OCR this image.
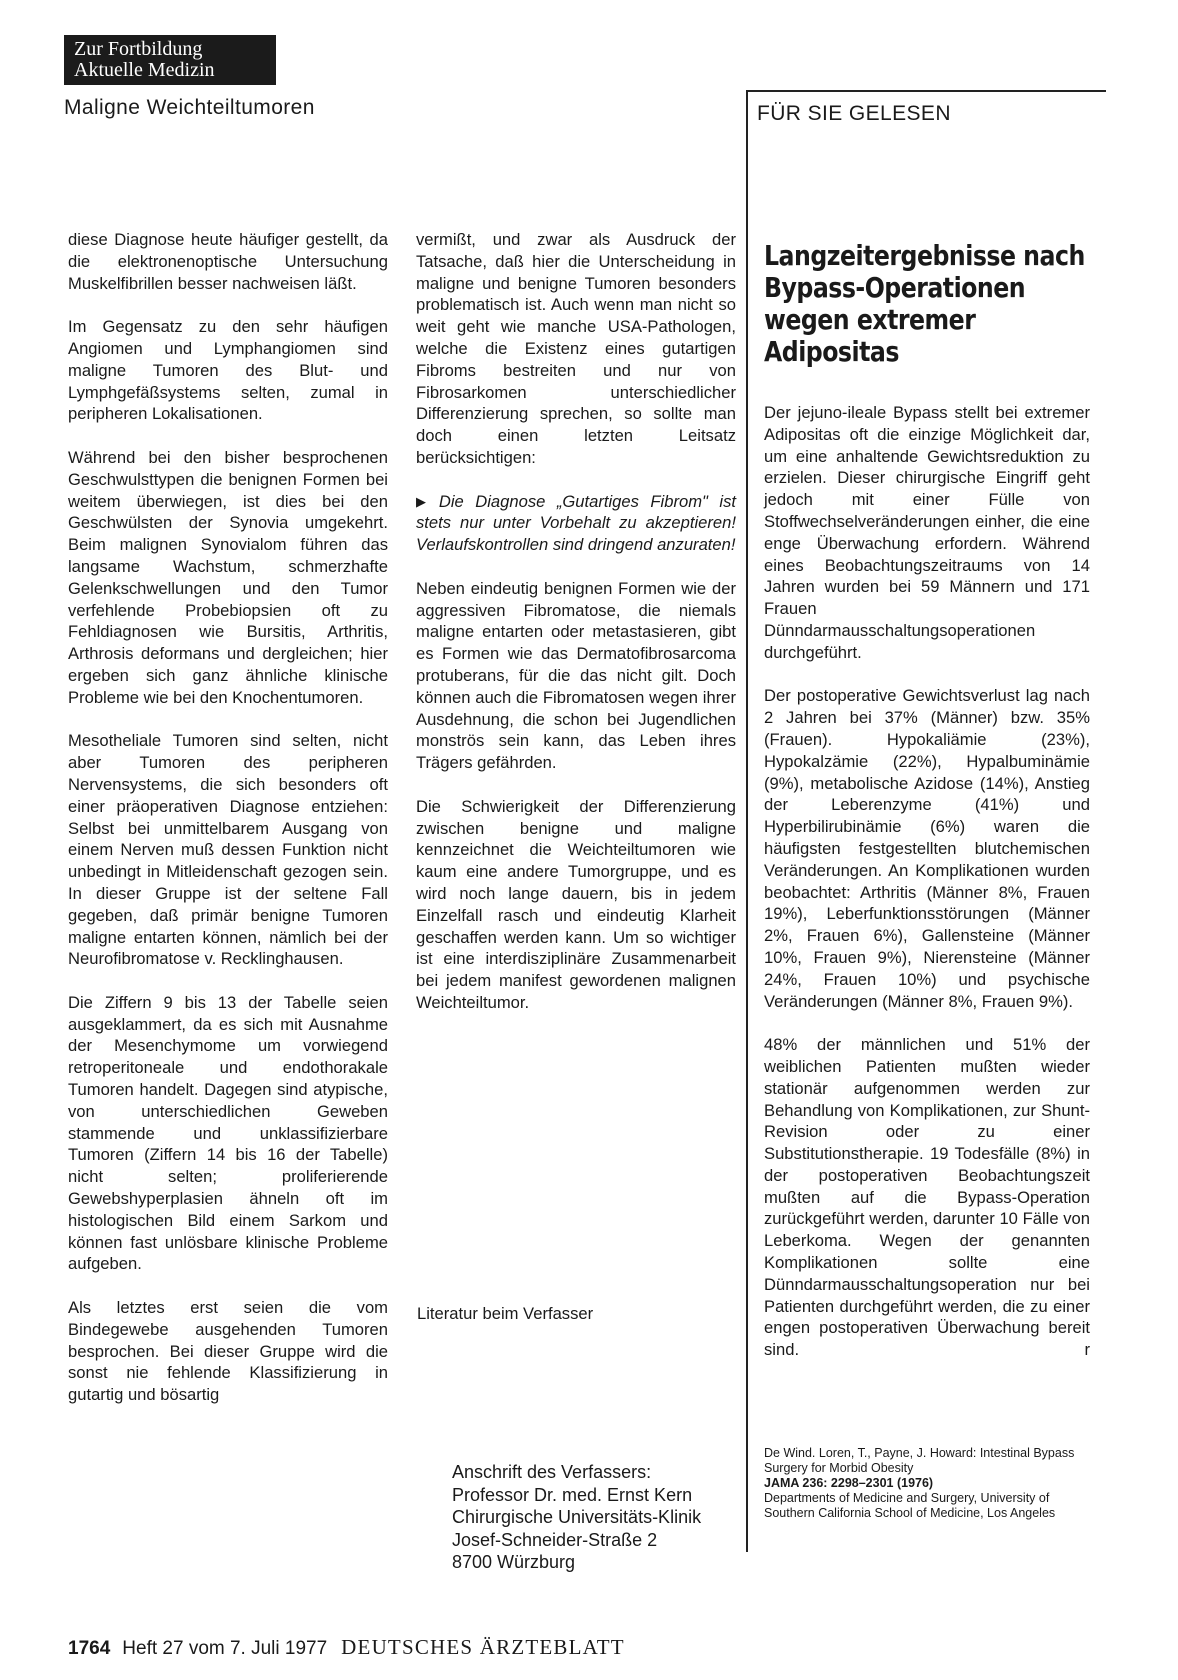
Zur Fortbildung
Aktuelle Medizin
Maligne Weichteiltumoren	FÜR SIE GELESEN

diese Diagnose heute häufiger gestellt, da die elektronenoptische Untersuchung Muskelfibrillen besser nachweisen läßt.

Im Gegensatz zu den sehr häufigen Angiomen und Lymphangiomen sind maligne Tumoren des Blut- und Lymphgefäßsystems selten, zumal in peripheren Lokalisationen.

Während bei den bisher besprochenen Geschwulsttypen die benignen Formen bei weitem überwiegen, ist dies bei den Geschwülsten der Synovia umgekehrt. Beim malignen Synovialom führen das langsame Wachstum, schmerzhafte Gelenkschwellungen und den Tumor verfehlende Probebiopsien oft zu Fehldiagnosen wie Bursitis, Arthritis, Arthrosis deformans und dergleichen; hier ergeben sich ganz ähnliche klinische Probleme wie bei den Knochentumoren.

Mesotheliale Tumoren sind selten, nicht aber Tumoren des peripheren Nervensystems, die sich besonders oft einer präoperativen Diagnose entziehen: Selbst bei unmittelbarem Ausgang von einem Nerven muß dessen Funktion nicht unbedingt in Mitleidenschaft gezogen sein. In dieser Gruppe ist der seltene Fall gegeben, daß primär benigne Tumoren maligne entarten können, nämlich bei der Neurofibromatose v. Recklinghausen.

Die Ziffern 9 bis 13 der Tabelle seien ausgeklammert, da es sich mit Ausnahme der Mesenchymome um vorwiegend retroperitoneale und endothorakale Tumoren handelt. Dagegen sind atypische, von unterschiedlichen Geweben stammende und unklassifizierbare Tumoren (Ziffern 14 bis 16 der Tabelle) nicht selten; proliferierende Gewebshyperplasien ähneln oft im histologischen Bild einem Sarkom und können fast unlösbare klinische Probleme aufgeben.

Als letztes erst seien die vom Bindegewebe ausgehenden Tumoren besprochen. Bei dieser Gruppe wird die sonst nie fehlende Klassifizierung in gutartig und bösartig

vermißt, und zwar als Ausdruck der Tatsache, daß hier die Unterscheidung in maligne und benigne Tumoren besonders problematisch ist. Auch wenn man nicht so weit geht wie manche USA-Pathologen, welche die Existenz eines gutartigen Fibroms bestreiten und nur von Fibrosarkomen unterschiedlicher Differenzierung sprechen, so sollte man doch einen letzten Leitsatz berücksichtigen:

▶ Die Diagnose „Gutartiges Fibrom" ist stets nur unter Vorbehalt zu akzeptieren! Verlaufskontrollen sind dringend anzuraten!

Neben eindeutig benignen Formen wie der aggressiven Fibromatose, die niemals maligne entarten oder metastasieren, gibt es Formen wie das Dermatofibrosarcoma protuberans, für die das nicht gilt. Doch können auch die Fibromatosen wegen ihrer Ausdehnung, die schon bei Jugendlichen monströs sein kann, das Leben ihres Trägers gefährden.

Die Schwierigkeit der Differenzierung zwischen benigne und maligne kennzeichnet die Weichteiltumoren wie kaum eine andere Tumorgruppe, und es wird noch lange dauern, bis in jedem Einzelfall rasch und eindeutig Klarheit geschaffen werden kann. Um so wichtiger ist eine interdisziplinäre Zusammenarbeit bei jedem manifest gewordenen malignen Weichteiltumor.

Literatur beim Verfasser
Anschrift des Verfassers:
Professor Dr. med. Ernst Kern
Chirurgische Universitäts-Klinik
Josef-Schneider-Straße 2
8700 Würzburg
Langzeitergebnisse nach
Bypass-Operationen
wegen extremer
Adipositas

Der jejuno-ileale Bypass stellt bei extremer Adipositas oft die einzige Möglichkeit dar, um eine anhaltende Gewichtsreduktion zu erzielen. Dieser chirurgische Eingriff geht jedoch mit einer Fülle von Stoffwechselveränderungen einher, die eine enge Überwachung erfordern. Während eines Beobachtungszeitraums von 14 Jahren wurden bei 59 Männern und 171 Frauen Dünndarmausschaltungsoperationen durchgeführt.

Der postoperative Gewichtsverlust lag nach 2 Jahren bei 37% (Männer) bzw. 35% (Frauen). Hypokaliämie (23%), Hypokalzämie (22%), Hypalbuminämie (9%), metabolische Azidose (14%), Anstieg der Leberenzyme (41%) und Hyperbilirubinämie (6%) waren die häufigsten festgestellten blutchemischen Veränderungen. An Komplikationen wurden beobachtet: Arthritis (Männer 8%, Frauen 19%), Leberfunktionsstörungen (Männer 2%, Frauen 6%), Gallensteine (Männer 10%, Frauen 9%), Nierensteine (Männer 24%, Frauen 10%) und psychische Veränderungen (Männer 8%, Frauen 9%).

48% der männlichen und 51% der weiblichen Patienten mußten wieder stationär aufgenommen werden zur Behandlung von Komplikationen, zur Shunt-Revision oder zu einer Substitutionstherapie. 19 Todesfälle (8%) in der postoperativen Beobachtungszeit mußten auf die Bypass-Operation zurückgeführt werden, darunter 10 Fälle von Leberkoma. Wegen der genannten Komplikationen sollte eine Dünndarmausschaltungsoperation nur bei Patienten durchgeführt werden, die zu einer engen postoperativen Überwachung bereit sind.	r

De Wind. Loren, T., Payne, J. Howard: Intestinal Bypass Surgery for Morbid Obesity

JAMA 236: 2298–2301 (1976)

Departments of Medicine and Surgery, University of Southern California School of Medicine, Los Angeles

1764 Heft 27 vom 7. Juli 1977 DEUTSCHES ÄRZTEBLATT
